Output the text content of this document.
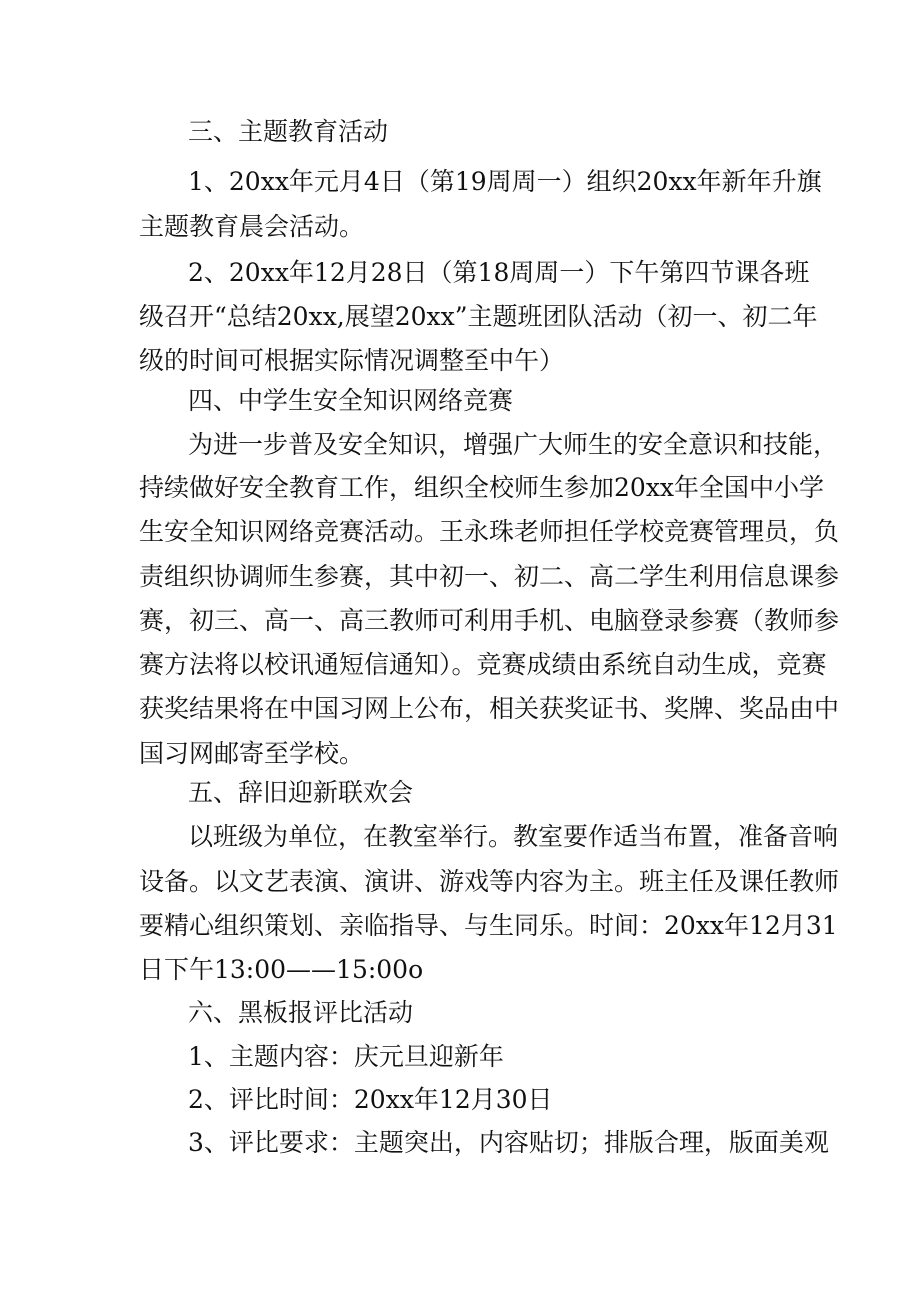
三、主题教育活动

1、20xx年元月4日（第19周周一）组织20xx年新年升旗

主题教育晨会活动。

2、20xx年12月28日（第18周周一）下午第四节课各班

级召开“总结20xx,展望20xx”主题班团队活动（初一、初二年

级的时间可根据实际情况调整至中午）

四、中学生安全知识网络竞赛

为进一步普及安全知识，增强广大师生的安全意识和技能，

持续做好安全教育工作，组织全校师生参加20xx年全国中小学

生安全知识网络竞赛活动。王永珠老师担任学校竞赛管理员，负

责组织协调师生参赛，其中初一、初二、高二学生利用信息课参

赛，初三、高一、高三教师可利用手机、电脑登录参赛（教师参

赛方法将以校讯通短信通知）。竞赛成绩由系统自动生成，竞赛

获奖结果将在中国习网上公布，相关获奖证书、奖牌、奖品由中

国习网邮寄至学校。

五、辞旧迎新联欢会

以班级为单位，在教室举行。教室要作适当布置，准备音响

设备。以文艺表演、演讲、游戏等内容为主。班主任及课任教师

要精心组织策划、亲临指导、与生同乐。时间：20xx年12月31

日下午13:00——15:00o

六、黑板报评比活动

1、主题内容：庆元旦迎新年

2、评比时间：20xx年12月30日

3、评比要求：主题突出，内容贴切；排版合理，版面美观
